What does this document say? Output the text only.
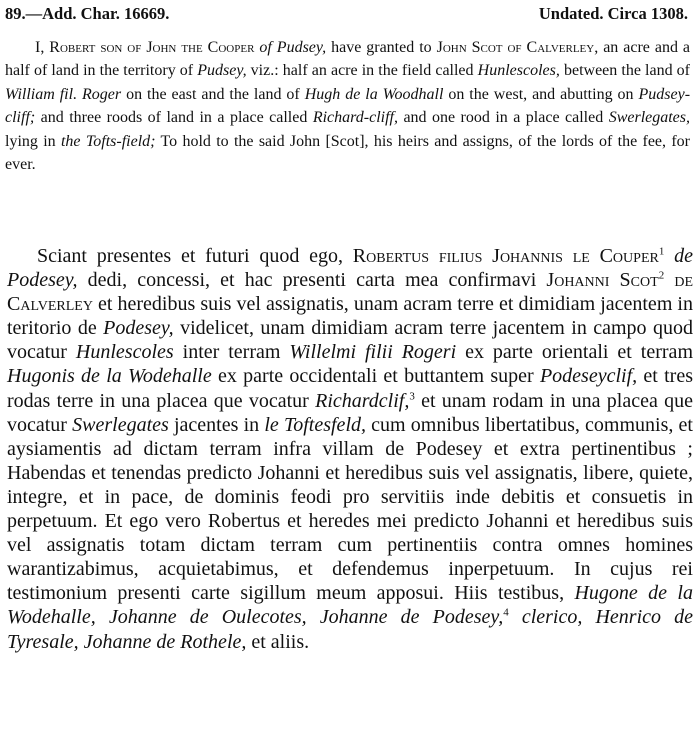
89.—Add. Char. 16669.	Undated. Circa 1308.

I, Robert son of John the Cooper of Pudsey, have granted to John Scot of Calverley, an acre and a half of land in the territory of Pudsey, viz.: half an acre in the field called Hunlescoles, between the land of William fil. Roger on the east and the land of Hugh de la Woodhall on the west, and abutting on Pudsey-cliff; and three roods of land in a place called Richard-cliff, and one rood in a place called Swerlegates, lying in the Tofts-field; To hold to the said John [Scot], his heirs and assigns, of the lords of the fee, for ever.

Sciant presentes et futuri quod ego, Robertus filius Johannis le Couper$^1$ de Podesey, dedi, concessi, et hac presenti carta mea confirmavi Johanni Scot$^2$ de Calverley et heredibus suis vel assignatis, unam acram terre et dimidiam jacentem in teritorio de Podesey, videlicet, unam dimidiam acram terre jacentem in campo quod vocatur Hunlescoles inter terram Willelmi filii Rogeri ex parte orientali et terram Hugonis de la Wodehalle ex parte occidentali et buttantem super Podeseyclif, et tres rodas terre in una placea que vocatur Richardclif,$^3$ et unam rodam in una placea que vocatur Swerlegates jacentes in le Toftesfeld, cum omnibus libertatibus, communis, et aysiamentis ad dictam terram infra villam de Podesey et extra pertinentibus ; Habendas et tenendas predicto Johanni et heredibus suis vel assignatis, libere, quiete, integre, et in pace, de dominis feodi pro servitiis inde debitis et consuetis in perpetuum. Et ego vero Robertus et heredes mei predicto Johanni et heredibus suis vel assignatis totam dictam terram cum pertinentiis contra omnes homines warantizabimus, acquietabimus, et defendemus inperpetuum. In cujus rei testimonium presenti carte sigillum meum apposui. Hiis testibus, Hugone de la Wodehalle, Johanne de Oulecotes, Johanne de Podesey,$^4$ clerico, Henrico de Tyresale, Johanne de Rothele, et aliis.
